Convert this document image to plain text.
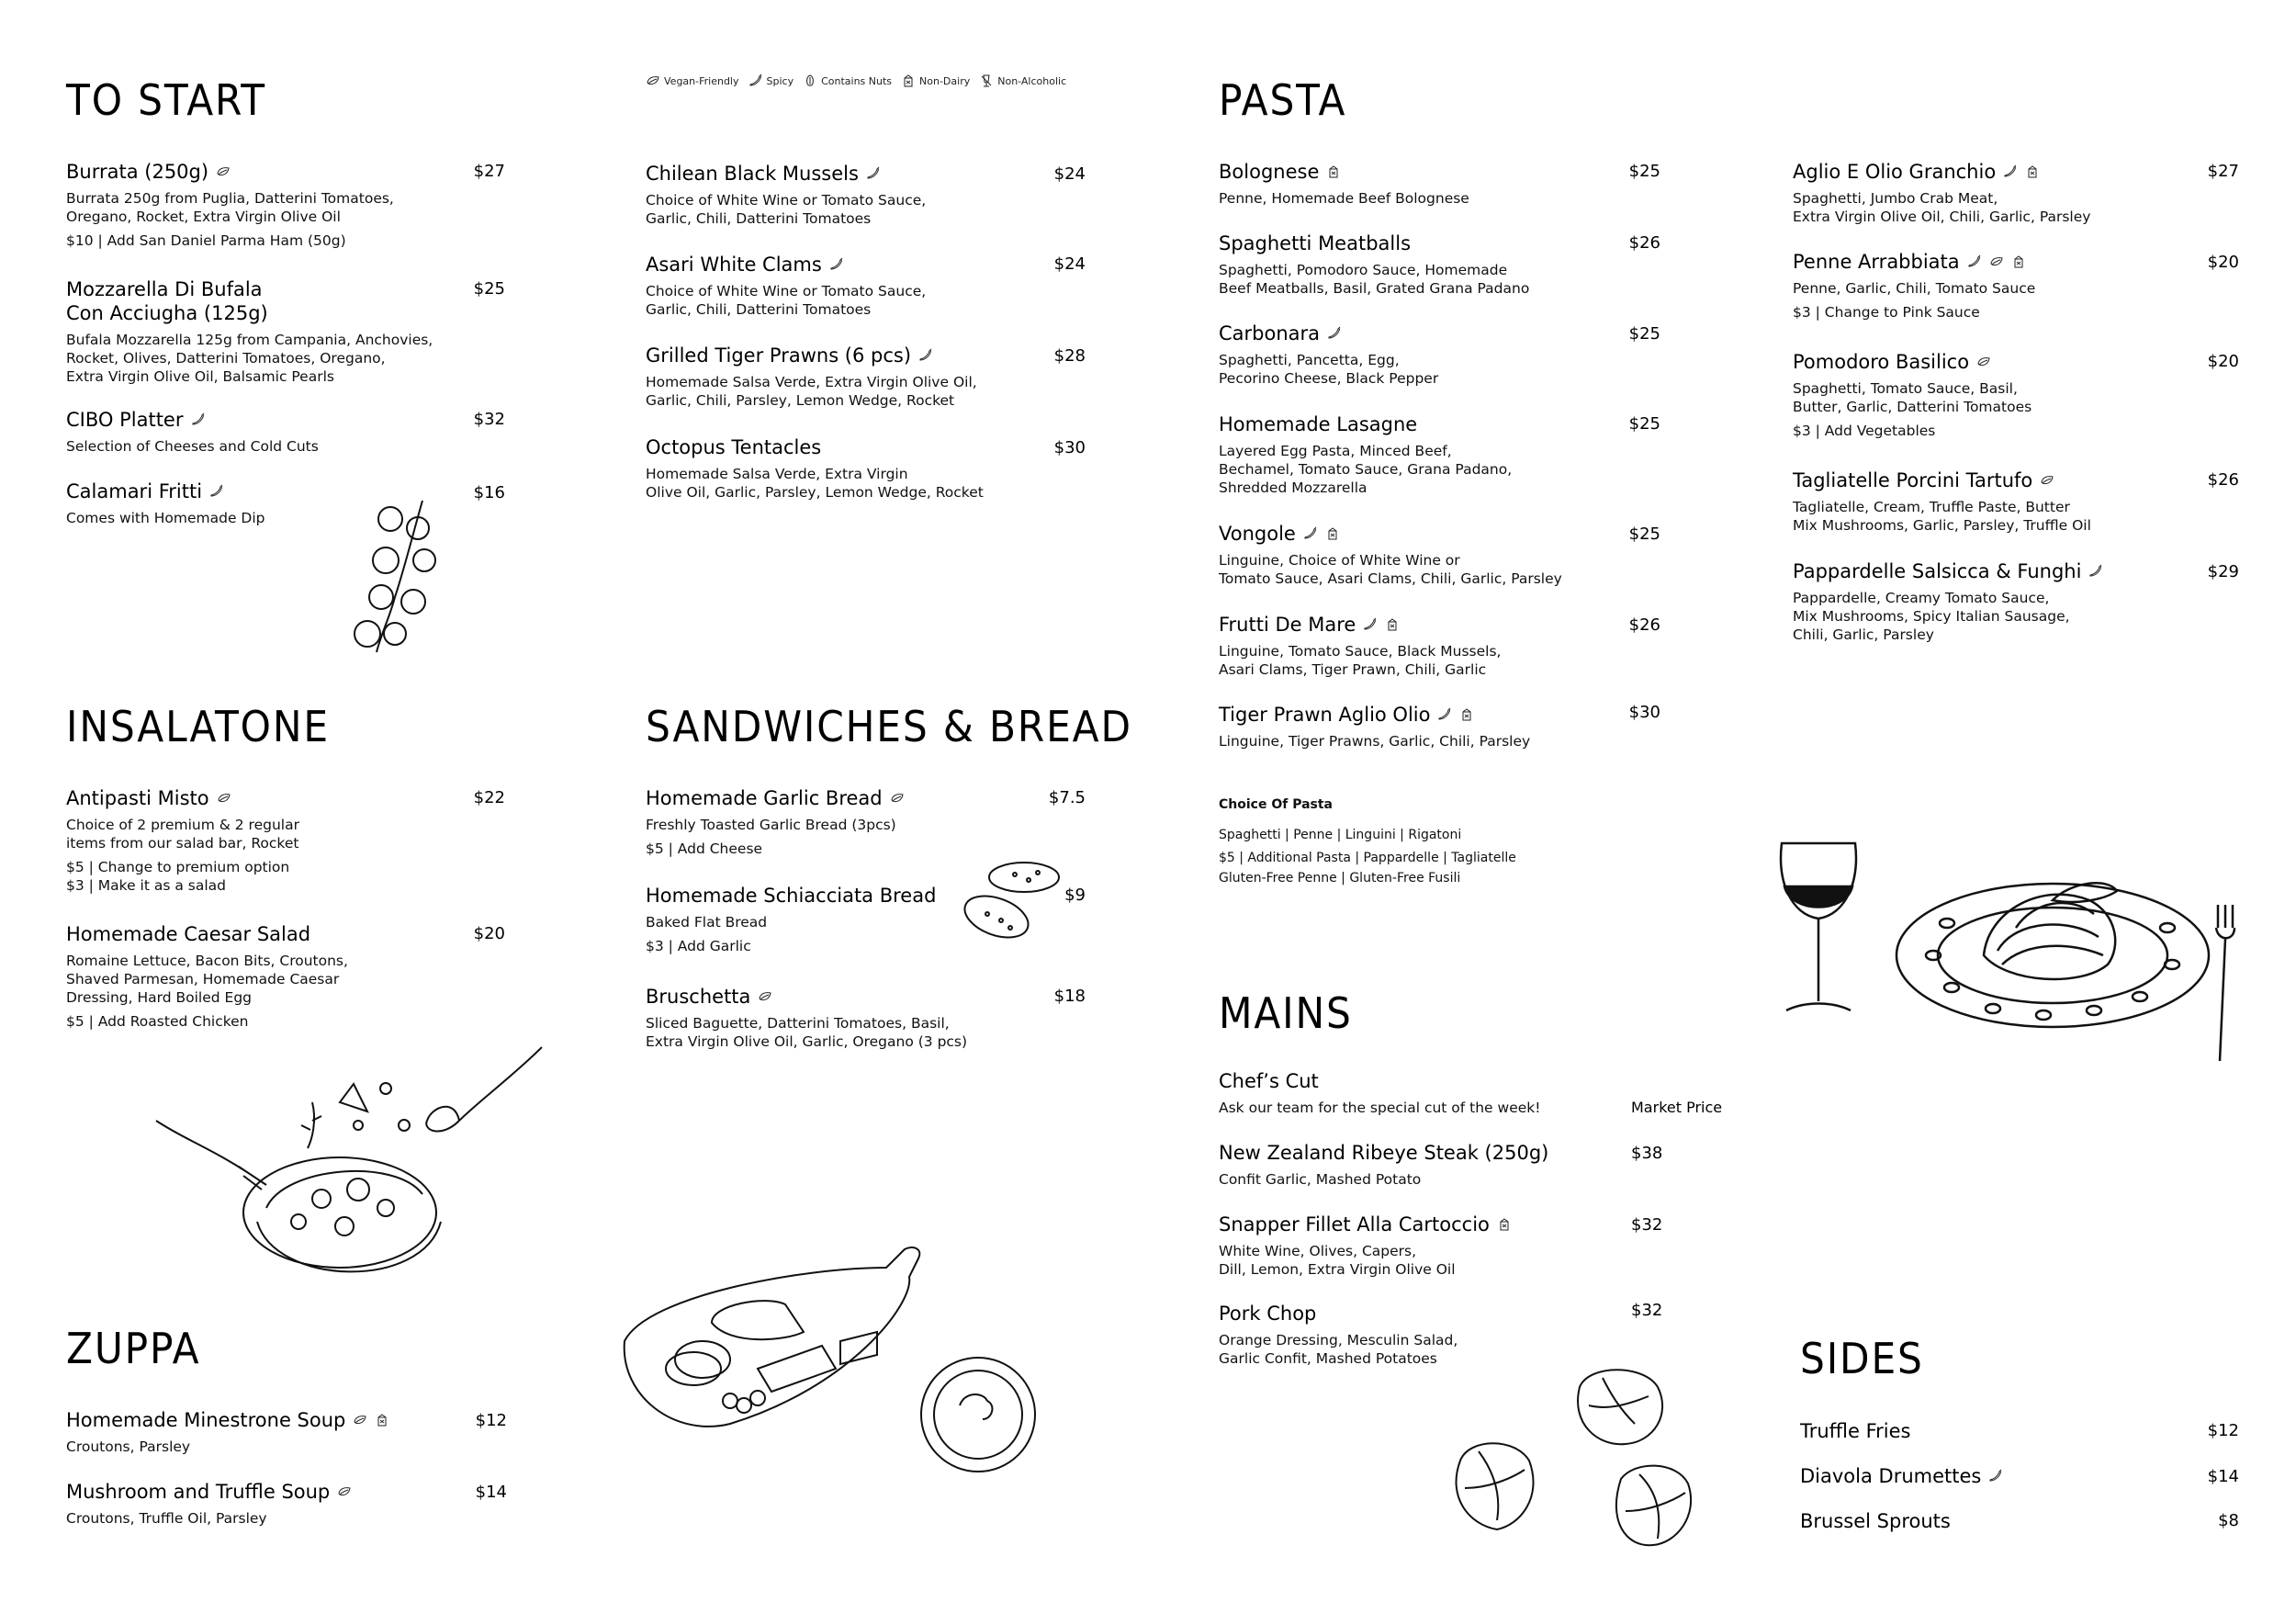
Vegan-Friendly	Spicy	Contains Nuts	Non-Dairy	Non-Alcoholic
TO START
Burrata (250g)
Burrata 250g from Puglia, Datterini Tomatoes,
Oregano, Rocket, Extra Virgin Olive Oil
$10 | Add San Daniel Parma Ham (50g)
$27
Mozzarella Di Bufala
Con Acciugha (125g)
Bufala Mozzarella 125g from Campania, Anchovies,
Rocket, Olives, Datterini Tomatoes, Oregano,
Extra Virgin Olive Oil, Balsamic Pearls
$25
CIBO Platter
Selection of Cheeses and Cold Cuts
$32
Calamari Fritti
Comes with Homemade Dip
$16
Chilean Black Mussels
Choice of White Wine or Tomato Sauce,
Garlic, Chili, Datterini Tomatoes
$24
Asari White Clams
Choice of White Wine or Tomato Sauce,
Garlic, Chili, Datterini Tomatoes
$24
Grilled Tiger Prawns (6 pcs)
Homemade Salsa Verde, Extra Virgin Olive Oil,
Garlic, Chili, Parsley, Lemon Wedge, Rocket
$28
Octopus Tentacles
Homemade Salsa Verde, Extra Virgin
Olive Oil, Garlic, Parsley, Lemon Wedge, Rocket
$30
INSALATONE
Antipasti Misto
Choice of 2 premium & 2 regular
items from our salad bar, Rocket
$5 | Change to premium option
$3 | Make it as a salad
$22
Homemade Caesar Salad
Romaine Lettuce, Bacon Bits, Croutons,
Shaved Parmesan, Homemade Caesar
Dressing, Hard Boiled Egg
$5 | Add Roasted Chicken
$20
SANDWICHES & BREAD
Homemade Garlic Bread
Freshly Toasted Garlic Bread (3pcs)
$5 | Add Cheese
$7.5
Homemade Schiacciata Bread
Baked Flat Bread
$3 | Add Garlic
$9
Bruschetta
Sliced Baguette, Datterini Tomatoes, Basil,
Extra Virgin Olive Oil, Garlic, Oregano (3 pcs)
$18
ZUPPA
Homemade Minestrone Soup
Croutons, Parsley
$12
Mushroom and Truffle Soup
Croutons, Truffle Oil, Parsley
$14
PASTA
Bolognese
Penne, Homemade Beef Bolognese
$25
Spaghetti Meatballs
Spaghetti, Pomodoro Sauce, Homemade
Beef Meatballs, Basil, Grated Grana Padano
$26
Carbonara
Spaghetti, Pancetta, Egg,
Pecorino Cheese, Black Pepper
$25
Homemade Lasagne
Layered Egg Pasta, Minced Beef,
Bechamel, Tomato Sauce, Grana Padano,
Shredded Mozzarella
$25
Vongole
Linguine, Choice of White Wine or
Tomato Sauce, Asari Clams, Chili, Garlic, Parsley
$25
Frutti De Mare
Linguine, Tomato Sauce, Black Mussels,
Asari Clams, Tiger Prawn, Chili, Garlic
$26
Tiger Prawn Aglio Olio
Linguine, Tiger Prawns, Garlic, Chili, Parsley
$30
Choice Of Pasta
Spaghetti | Penne | Linguini | Rigatoni
$5 | Additional Pasta | Pappardelle | Tagliatelle
Gluten-Free Penne | Gluten-Free Fusili
Aglio E Olio Granchio
Spaghetti, Jumbo Crab Meat,
Extra Virgin Olive Oil, Chili, Garlic, Parsley
$27
Penne Arrabbiata
Penne, Garlic, Chili, Tomato Sauce
$3 | Change to Pink Sauce
$20
Pomodoro Basilico
Spaghetti, Tomato Sauce, Basil,
Butter, Garlic, Datterini Tomatoes
$3 | Add Vegetables
$20
Tagliatelle Porcini Tartufo
Tagliatelle, Cream, Truffle Paste, Butter
Mix Mushrooms, Garlic, Parsley, Truffle Oil
$26
Pappardelle Salsicca & Funghi
Pappardelle, Creamy Tomato Sauce,
Mix Mushrooms, Spicy Italian Sausage,
Chili, Garlic, Parsley
$29
MAINS
Chef’s Cut
Ask our team for the special cut of the week!	Market Price
New Zealand Ribeye Steak (250g)
Confit Garlic, Mashed Potato
$38
Snapper Fillet Alla Cartoccio
White Wine, Olives, Capers,
Dill, Lemon, Extra Virgin Olive Oil
$32
Pork Chop
Orange Dressing, Mesculin Salad,
Garlic Confit, Mashed Potatoes
$32
SIDES
Truffle Fries	$12
Diavola Drumettes	$14
Brussel Sprouts	$8
